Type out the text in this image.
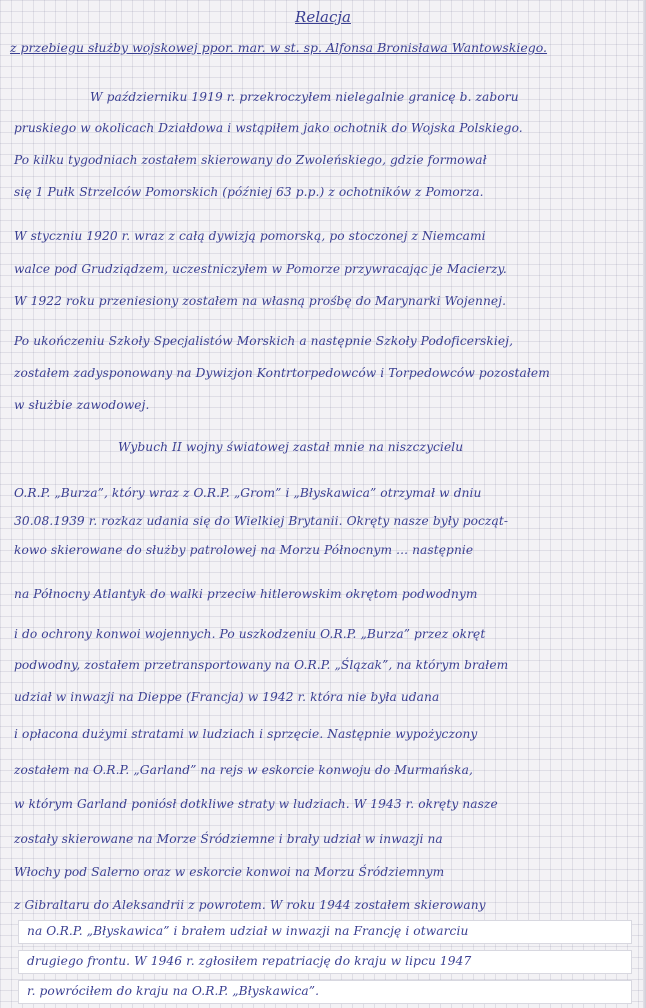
Relacja
z przebiegu służby wojskowej ppor. mar. w st. sp. Alfonsa Bronisława Wantowskiego.
W październiku 1919 r. przekroczyłem nielegalnie granicę b. zaboru
pruskiego w okolicach Działdowa i wstąpiłem jako ochotnik do Wojska Polskiego.
Po kilku tygodniach zostałem skierowany do Zwoleńskiego, gdzie formował
się 1 Pułk Strzelców Pomorskich (później 63 p.p.) z ochotników z Pomorza.
W styczniu 1920 r. wraz z całą dywizją pomorską, po stoczonej z Niemcami
walce pod Grudziądzem, uczestniczyłem w Pomorze przywracając je Macierzy.
W 1922 roku przeniesiony zostałem na własną prośbę do Marynarki Wojennej.
Po ukończeniu Szkoły Specjalistów Morskich a następnie Szkoły Podoficerskiej,
zostałem zadysponowany na Dywizjon Kontrtorpedowców i Torpedowców pozostałem
w służbie zawodowej.
Wybuch II wojny światowej zastał mnie na niszczycielu
O.R.P. „Burza”, który wraz z O.R.P. „Grom” i „Błyskawica” otrzymał w dniu
30.08.1939 r. rozkaz udania się do Wielkiej Brytanii. Okręty nasze były począt-
kowo skierowane do służby patrolowej na Morzu Północnym ... następnie
na Północny Atlantyk do walki przeciw hitlerowskim okrętom podwodnym
i do ochrony konwoi wojennych. Po uszkodzeniu O.R.P. „Burza” przez okręt
podwodny, zostałem przetransportowany na O.R.P. „Ślązak”, na którym brałem
udział w inwazji na Dieppe (Francja) w 1942 r. która nie była udana
i opłacona dużymi stratami w ludziach i sprzęcie. Następnie wypożyczony
zostałem na O.R.P. „Garland” na rejs w eskorcie konwoju do Murmańska,
w którym Garland poniósł dotkliwe straty w ludziach. W 1943 r. okręty nasze
zostały skierowane na Morze Śródziemne i brały udział w inwazji na
Włochy pod Salerno oraz w eskorcie konwoi na Morzu Śródziemnym
z Gibraltaru do Aleksandrii z powrotem. W roku 1944 zostałem skierowany
na O.R.P. „Błyskawica” i brałem udział w inwazji na Francję i otwarciu
drugiego frontu. W 1946 r. zgłosiłem repatriację do kraju w lipcu 1947
r. powróciłem do kraju na O.R.P. „Błyskawica”.
